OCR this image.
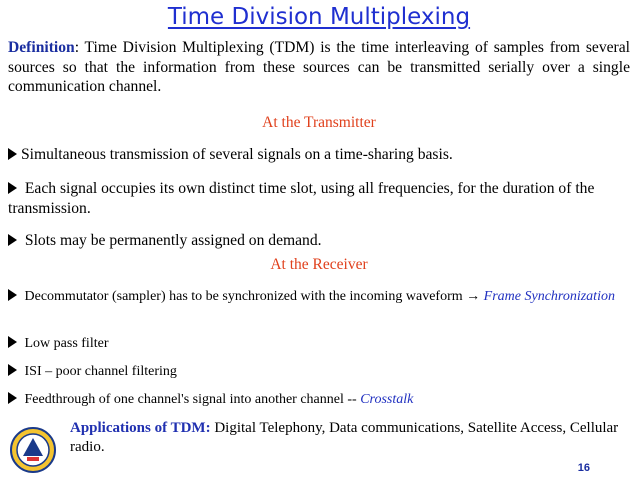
Time Division Multiplexing
Definition: Time Division Multiplexing (TDM) is the time interleaving of samples from several sources so that the information from these sources can be transmitted serially over a single communication channel.
At the Transmitter
Simultaneous transmission of several signals on a time-sharing basis.
Each signal occupies its own distinct time slot, using all frequencies, for the duration of the transmission.
Slots may be permanently assigned on demand.
At the Receiver
Decommutator (sampler) has to be synchronized with the incoming waveform → Frame Synchronization
Low pass filter
ISI – poor channel filtering
Feedthrough of one channel's signal into another channel -- Crosstalk
Applications of TDM: Digital Telephony, Data communications, Satellite Access, Cellular radio.
16
